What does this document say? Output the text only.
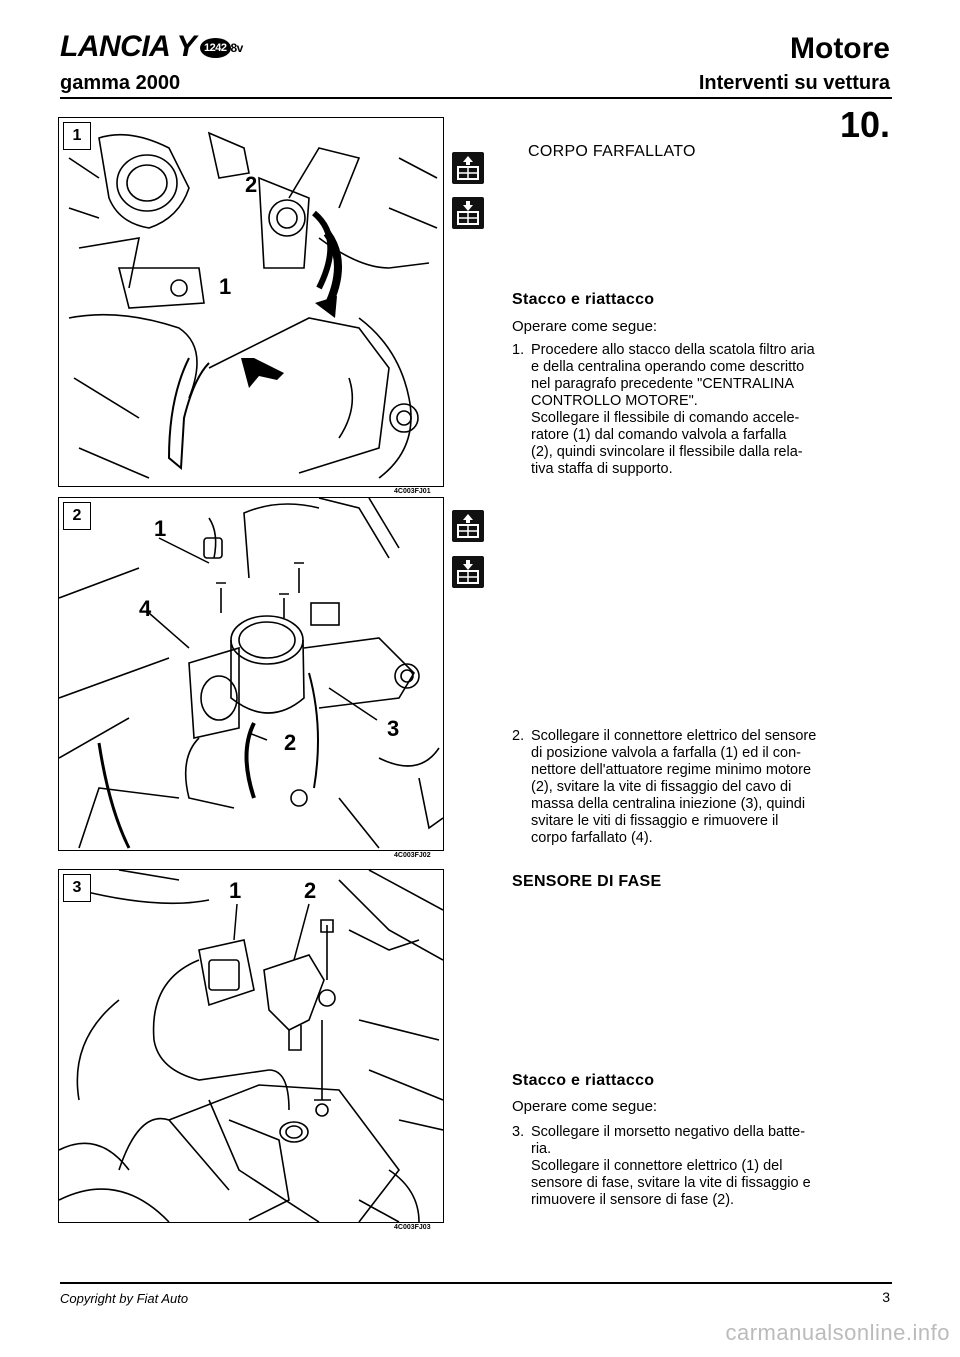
LANCIA Y 1242 8v
gamma 2000
Motore
Interventi su vettura
10.
2
1
1
4C003FJ01
1
4
3
2
2
4C003FJ02
1	2
3
4C003FJ03
CORPO FARFALLATO
Stacco e riattacco
Operare come segue:
1. Procedere allo stacco della scatola filtro aria
e della centralina operando come descritto
nel paragrafo precedente "CENTRALINA
CONTROLLO MOTORE".
Scollegare il flessibile di comando accele-
ratore (1) dal comando valvola a farfalla
(2), quindi svincolare il flessibile dalla rela-
tiva staffa di supporto.
2. Scollegare il connettore elettrico del sensore
di posizione valvola a farfalla (1) ed il con-
nettore dell'attuatore regime minimo motore
(2), svitare la vite di fissaggio del cavo di
massa della centralina iniezione (3), quindi
svitare le viti di fissaggio e rimuovere il
corpo farfallato (4).
SENSORE DI FASE
Stacco e riattacco
Operare come segue:
3. Scollegare il morsetto negativo della batte-
ria.
Scollegare il connettore elettrico (1) del
sensore di fase, svitare la vite di fissaggio e
rimuovere il sensore di fase (2).
Copyright by Fiat Auto	3
carmanualsonline.info
